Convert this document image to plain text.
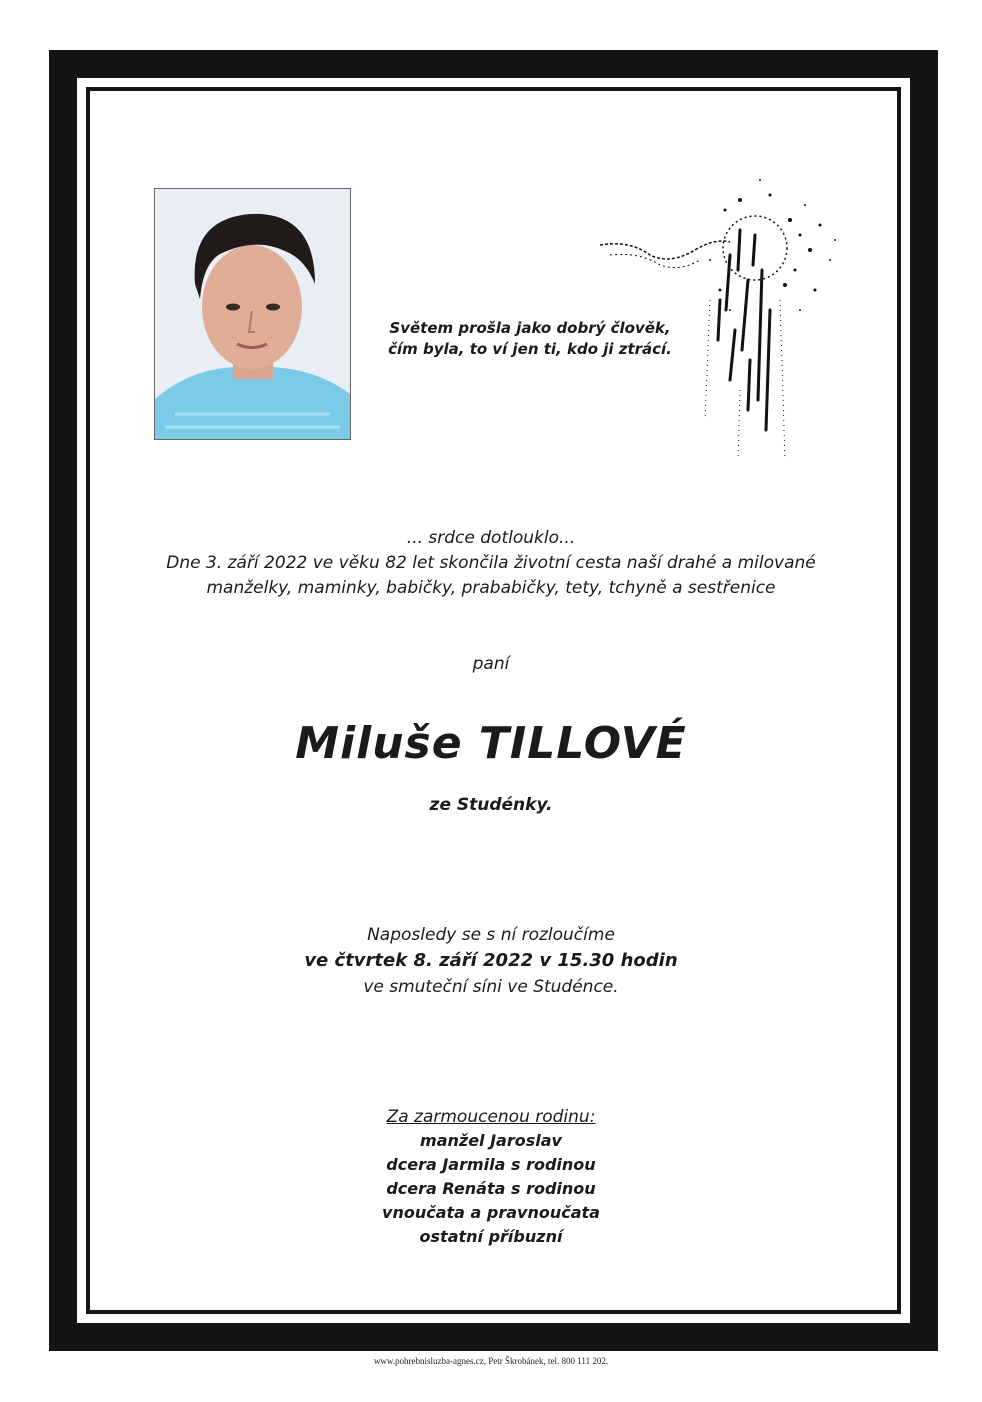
Světem prošla jako dobrý člověk,
čím byla, to ví jen ti, kdo ji ztrácí.
... srdce dotlouklo...
Dne 3. září 2022 ve věku 82 let skončila životní cesta naší drahé a milované
manželky, maminky, babičky, prababičky, tety, tchyně a sestřenice
paní
Miluše TILLOVÉ
ze Studénky.
Naposledy se s ní rozloučíme
ve čtvrtek 8. září 2022 v 15.30 hodin
ve smuteční síni ve Studénce.
Za zarmoucenou rodinu:
manžel Jaroslav
dcera Jarmila s rodinou
dcera Renáta s rodinou
vnoučata a pravnoučata
ostatní příbuzní
www.pohrebnisluzba-agnes.cz, Petr Škrobánek, tel. 800 111 202.
